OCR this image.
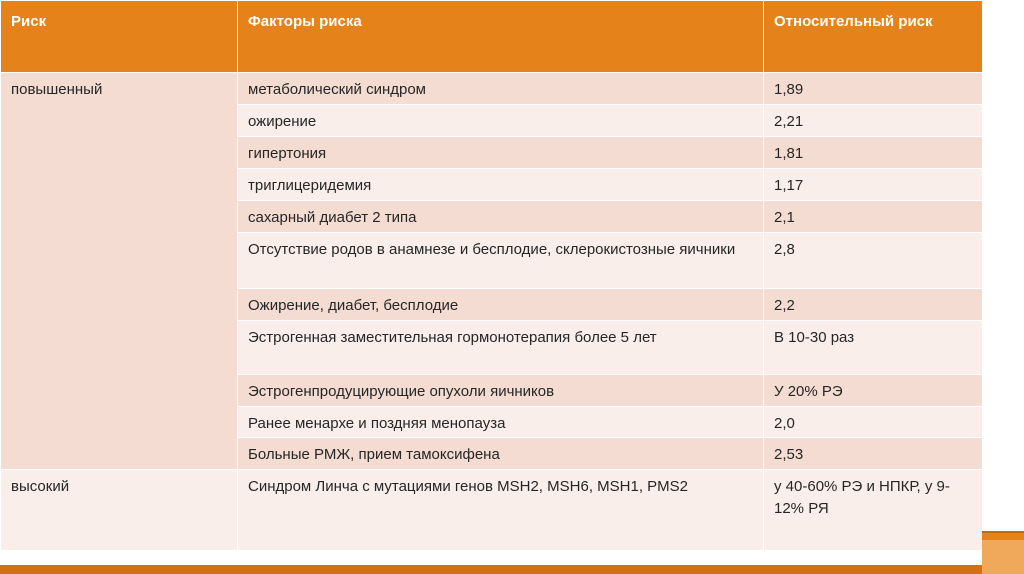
Риск	Факторы риска	Относительный риск
повышенный	метаболический синдром	1,89
	ожирение	2,21
	гипертония	1,81
	триглицеридемия	1,17
	сахарный диабет 2 типа	2,1
	Отсутствие родов в анамнезе и бесплодие, склерокистозные яичники	2,8
	Ожирение, диабет, бесплодие	2,2
	Эстрогенная заместительная гормонотерапия более 5 лет	В 10-30 раз
	Эстрогенпродуцирующие опухоли яичников	У 20% РЭ
	Ранее менархе и поздняя менопауза	2,0
	Больные РМЖ, прием тамоксифена	2,53
высокий	Синдром Линча с мутациями генов MSH2, MSH6, MSH1, PMS2	у 40-60% РЭ и НПКР, у 9-12% РЯ
